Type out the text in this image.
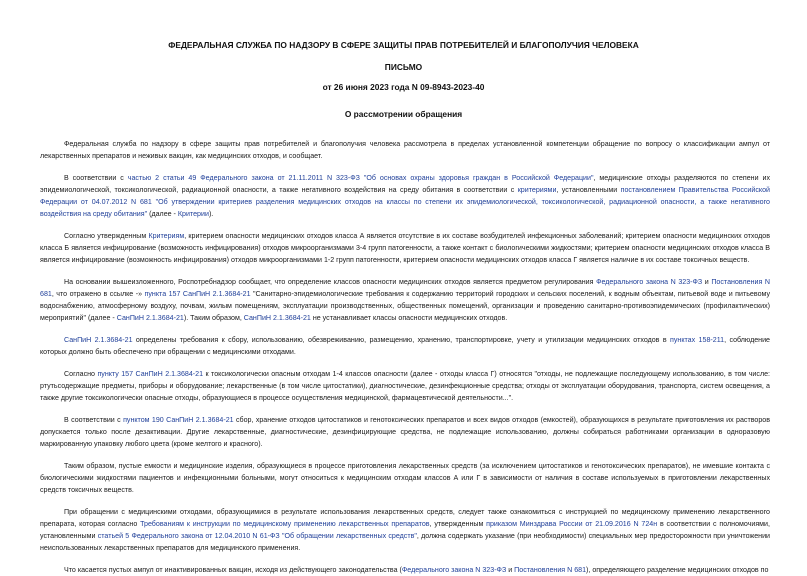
ФЕДЕРАЛЬНАЯ СЛУЖБА ПО НАДЗОРУ В СФЕРЕ ЗАЩИТЫ ПРАВ ПОТРЕБИТЕЛЕЙ И БЛАГОПОЛУЧИЯ ЧЕЛОВЕКА
ПИСЬМО
от 26 июня 2023 года N 09-8943-2023-40
О рассмотрении обращения

Федеральная служба по надзору в сфере защиты прав потребителей и благополучия человека рассмотрела в пределах установленной компетенции обращение по вопросу о классификации ампул от лекарственных препаратов и неживых вакцин, как медицинских отходов, и сообщает.

В соответствии с частью 2 статьи 49 Федерального закона от 21.11.2011 N 323-ФЗ "Об основах охраны здоровья граждан в Российской Федерации", медицинские отходы разделяются по степени их эпидемиологической, токсикологической, радиационной опасности, а также негативного воздействия на среду обитания в соответствии с критериями, установленными постановлением Правительства Российской Федерации от 04.07.2012 N 681 "Об утверждении критериев разделения медицинских отходов на классы по степени их эпидемиологической, токсикологической, радиационной опасности, а также негативного воздействия на среду обитания" (далее - Критерии).

Согласно утвержденным Критериям, критерием опасности медицинских отходов класса А является отсутствие в их составе возбудителей инфекционных заболеваний; критерием опасности медицинских отходов класса Б является инфицирование (возможность инфицирования) отходов микроорганизмами 3-4 групп патогенности, а также контакт с биологическими жидкостями; критерием опасности медицинских отходов класса В является инфицирование (возможность инфицирования) отходов микроорганизмами 1-2 групп патогенности, критерием опасности медицинских отходов класса Г является наличие в их составе токсичных веществ.

На основании вышеизложенного, Роспотребнадзор сообщает, что определение классов опасности медицинских отходов является предметом регулирования Федерального закона N 323-ФЗ и Постановления N 681, что отражено в ссылке -» пункта 157 СанПиН 2.1.3684-21 "Санитарно-эпидемиологические требования к содержанию территорий городских и сельских поселений, к водным объектам, питьевой воде и питьевому водоснабжению, атмосферному воздуху, почвам, жилым помещениям, эксплуатации производственных, общественных помещений, организации и проведению санитарно-противоэпидемических (профилактических) мероприятий" (далее - СанПиН 2.1.3684-21). Таким образом, СанПиН 2.1.3684-21 не устанавливает классы опасности медицинских отходов.

СанПиН 2.1.3684-21 определены требования к сбору, использованию, обезвреживанию, размещению, хранению, транспортировке, учету и утилизации медицинских отходов в пунктах 158-211, соблюдение которых должно быть обеспечено при обращении с медицинскими отходами.

Согласно пункту 157 СанПиН 2.1.3684-21 к токсикологически опасным отходам 1-4 классов опасности (далее - отходы класса Г) относятся "отходы, не подлежащие последующему использованию, в том числе: ртутьсодержащие предметы, приборы и оборудование; лекарственные (в том числе цитостатики), диагностические, дезинфекционные средства; отходы от эксплуатации оборудования, транспорта, систем освещения, а также другие токсикологически опасные отходы, образующиеся в процессе осуществления медицинской, фармацевтической деятельности...".

В соответствии с пунктом 190 СанПиН 2.1.3684-21 сбор, хранение отходов цитостатиков и генотоксических препаратов и всех видов отходов (емкостей), образующихся в результате приготовления их растворов допускается только после дезактивации. Другие лекарственные, диагностические, дезинфицирующие средства, не подлежащие использованию, должны собираться работниками организации в одноразовую маркированную упаковку любого цвета (кроме желтого и красного).

Таким образом, пустые емкости и медицинские изделия, образующиеся в процессе приготовления лекарственных средств (за исключением цитостатиков и генотоксических препаратов), не имевшие контакта с биологическими жидкостями пациентов и инфекционными больными, могут относиться к медицинским отходам классов А или Г в зависимости от наличия в составе используемых в приготовлении лекарственных средств токсичных веществ.

При обращении с медицинскими отходами, образующимися в результате использования лекарственных средств, следует также ознакомиться с инструкцией по медицинскому применению лекарственного препарата, которая согласно Требованиям к инструкции по медицинскому применению лекарственных препаратов, утвержденным приказом Минздрава России от 21.09.2016 N 724н в соответствии с полномочиями, установленными статьей 5 Федерального закона от 12.04.2010 N 61-ФЗ "Об обращении лекарственных средств", должна содержать указание (при необходимости) специальных мер предосторожности при уничтожении неиспользованных лекарственных препаратов для медицинского применения.

Что касается пустых ампул от инактивированных вакцин, исходя из действующего законодательства (Федерального закона N 323-ФЗ и Постановления N 681), определяющего разделение медицинских отходов по
